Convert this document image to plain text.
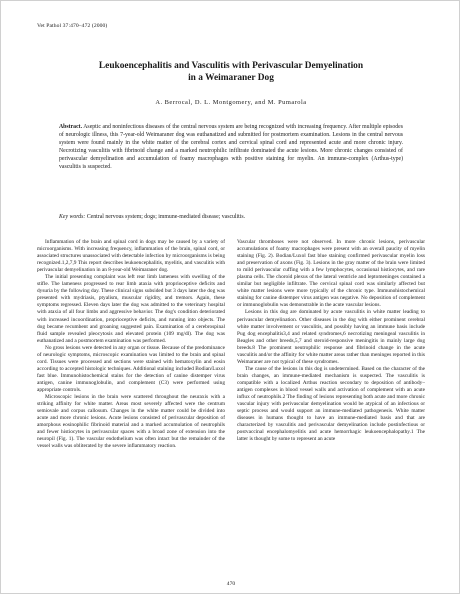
Vet Pathol 37:470–472 (2000)
Leukoencephalitis and Vasculitis with Perivascular Demyelination
in a Weimaraner Dog
A. Berrocal, D. L. Montgomery, and M. Pumarola
Abstract. Aseptic and noninfectious diseases of the central nervous system are being recognized with increasing frequency. After multiple episodes of neurologic illness, this 7-year-old Weimaraner dog was euthanatized and submitted for postmortem examination. Lesions in the central nervous system were found mainly in the white matter of the cerebral cortex and cervical spinal cord and represented acute and more chronic injury. Necrotizing vasculitis with fibrinoid change and a marked neutrophilic infiltrate dominated the acute lesions. More chronic changes consisted of perivascular demyelination and accumulation of foamy macrophages with positive staining for myelin. An immune-complex (Arthus-type) vasculitis is suspected.
Key words: Central nervous system; dogs; immune-mediated disease; vasculitis.

Inflammation of the brain and spinal cord in dogs may be caused by a variety of microorganisms. With increasing frequency, inflammation of the brain, spinal cord, or associated structures unassociated with detectable infection by microorganisms is being recognized.1,2,7,9 This report describes leukoencephalitis, myelitis, and vasculitis with perivascular demyelination in an 8-year-old Weimaraner dog.

The initial presenting complaint was left rear limb lameness with swelling of the stifle. The lameness progressed to rear limb ataxia with proprioceptive deficits and dysuria by the following day. These clinical signs subsided but 3 days later the dog was presented with mydriasis, ptyalism, muscular rigidity, and tremors. Again, these symptoms regressed. Eleven days later the dog was admitted to the veterinary hospital with ataxia of all four limbs and aggressive behavior. The dog's condition deteriorated with increased incoordination, proprioceptive deficits, and running into objects. The dog became recumbent and groaning suggested pain. Examination of a cerebrospinal fluid sample revealed pleocytosis and elevated protein (109 mg/dl). The dog was euthanatized and a postmortem examination was performed.

No gross lesions were detected in any organ or tissue. Because of the predominance of neurologic symptoms, microscopic examination was limited to the brain and spinal cord. Tissues were processed and sections were stained with hematoxylin and eosin according to accepted histologic techniques. Additional staining included Bodian/Luxol fast blue. Immunohistochemical stains for the detection of canine distemper virus antigen, canine immunoglobulin, and complement (C3) were performed using appropriate controls.

Microscopic lesions in the brain were scattered throughout the neuraxis with a striking affinity for white matter. Areas most severely affected were the centrum semiovale and corpus callosum. Changes in the white matter could be divided into acute and more chronic lesions. Acute lesions consisted of perivascular deposition of amorphous eosinophilic fibrinoid material and a marked accumulation of neutrophils and fewer histiocytes in perivascular spaces with a broad zone of extension into the neuropil (Fig. 1). The vascular endothelium was often intact but the remainder of the vessel walls was obliterated by the severe inflammatory reaction.

Vascular thromboses were not observed. In more chronic lesions, perivascular accumulations of foamy macrophages were present with an overall paucity of myelin staining (Fig. 2). Bodian/Luxol fast blue staining confirmed perivascular myelin loss and preservation of axons (Fig. 3). Lesions in the gray matter of the brain were limited to mild perivascular cuffing with a few lymphocytes, occasional histiocytes, and rare plasma cells. The choroid plexus of the lateral ventricle and leptomeninges contained a similar but negligible infiltrate. The cervical spinal cord was similarly affected but white matter lesions were more typically of the chronic type. Immunohistochemical staining for canine distemper virus antigen was negative. No deposition of complement or immunoglobulin was demonstrable in the acute vascular lesions.

Lesions in this dog are dominated by acute vasculitis in white matter leading to perivascular demyelination. Other diseases in the dog with either prominent cerebral white matter involvement or vasculitis, and possibly having an immune basis include Pug dog encephalitis3,4 and related syndromes,6 necrotizing meningeal vasculitis in Beagles and other breeds,5,7 and steroid-responsive meningitis in mainly large dog breeds.8 The prominent neutrophilic response and fibrinoid change in the acute vasculitis and/or the affinity for white matter areas rather than meninges reported in this Weimaraner are not typical of these syndromes.

The cause of the lesions in this dog is undetermined. Based on the character of the brain changes, an immune-mediated mechanism is suspected. The vasculitis is compatible with a localized Arthus reaction secondary to deposition of antibody–antigen complexes in blood vessel walls and activation of complement with an acute influx of neutrophils.2 The finding of lesions representing both acute and more chronic vascular injury with perivascular demyelination would be atypical of an infectious or septic process and would support an immune-mediated pathogenesis. White matter diseases in humans thought to have an immune-mediated basis and that are characterized by vasculitis and perivascular demyelination include postinfectious or postvaccinal encephalomyelitis and acute hemorrhagic leukoencephalopathy.1 The latter is thought by some to represent an acute

470
